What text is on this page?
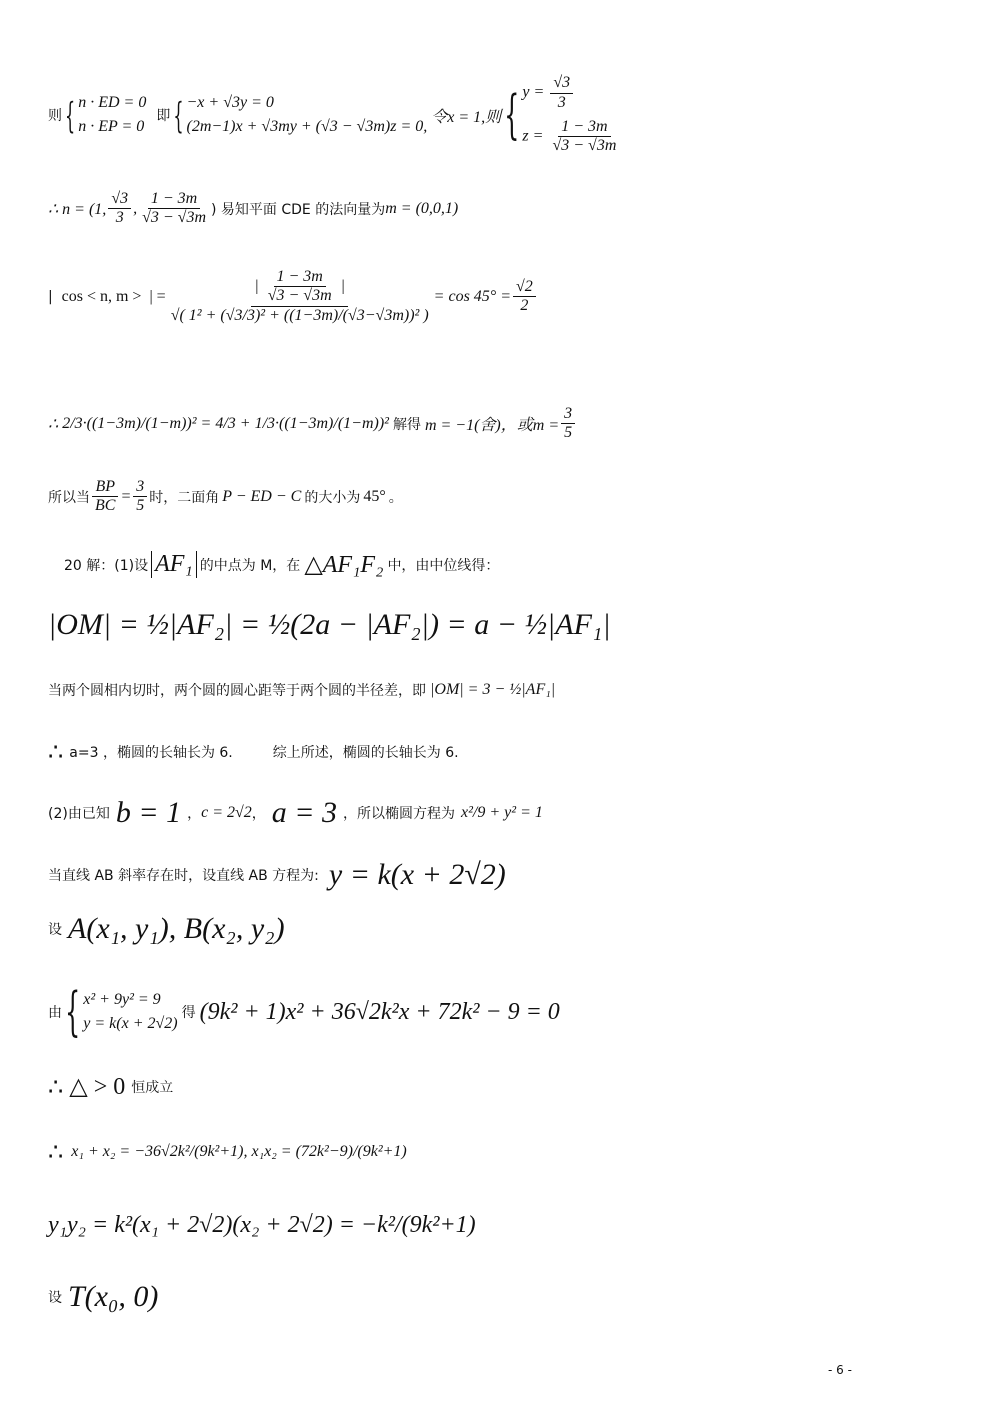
则 { n · ED = 0
n · EP = 0
即 { −x + √3y = 0
(2m−1)x + √3my + (√3 − √3m)z = 0,
令x = 1,则 { $y = \frac{√3}{3}$
$z = \frac{1 - 3m}{√3 - √3m}$
∴ n = (1, $\frac{√3}{3}$ , $\frac{1 - 3m}{√3 - √3m}$ ) 易知平面 CDE 的法向量为 m = (0,0,1)
| cos < n, m > | = $\frac{| \frac{1 - 3m}{√3 - √3m} |}{\text{√( 1² + (√3/3)² + ((1−3m)/(√3−√3m))² )}} = \cos 45^\circ = \frac{√2}{2}$
∴ 2/3·((1−3m)/(1−m))² = 4/3 + 1/3·((1−3m)/(1−m))² 解得 m = −1(舍)，或$m = \frac{3}{5}$
所以当 $\frac{BP}{BC} = \frac{3}{5}$ 时，二面角 P − ED − C 的大小为 45° 。
20 解：(1)设 AF₁ 的中点为 M，在 △AF₁F₂ 中，由中位线得：
|OM| = ½|AF₂| = ½(2a − |AF₂|) = a − ½|AF₁|
当两个圆相内切时，两个圆的圆心距等于两个圆的半径差，即 |OM| = 3 − ½|AF₁|
∴ a=3 ，椭圆的长轴长为 6.	综上所述，椭圆的长轴长为 6.
(2)由已知 b = 1 ， c = 2√2 ， a = 3 ， 所以椭圆方程为 x²/9 + y² = 1
当直线 AB 斜率存在时，设直线 AB 方程为: y = k(x + 2√2)
设 A(x₁, y₁), B(x₂, y₂)
由 { x² + 9y² = 9
y = k(x + 2√2)
得 (9k² + 1)x² + 36√2k²x + 72k² − 9 = 0
∴ △ > 0 恒成立
∴ x₁ + x₂ = −36√2k²/(9k²+1), x₁x₂ = (72k²−9)/(9k²+1)
y₁y₂ = k²(x₁ + 2√2)(x₂ + 2√2) = −k²/(9k²+1)
设 T(x₀, 0)
- 6 -
